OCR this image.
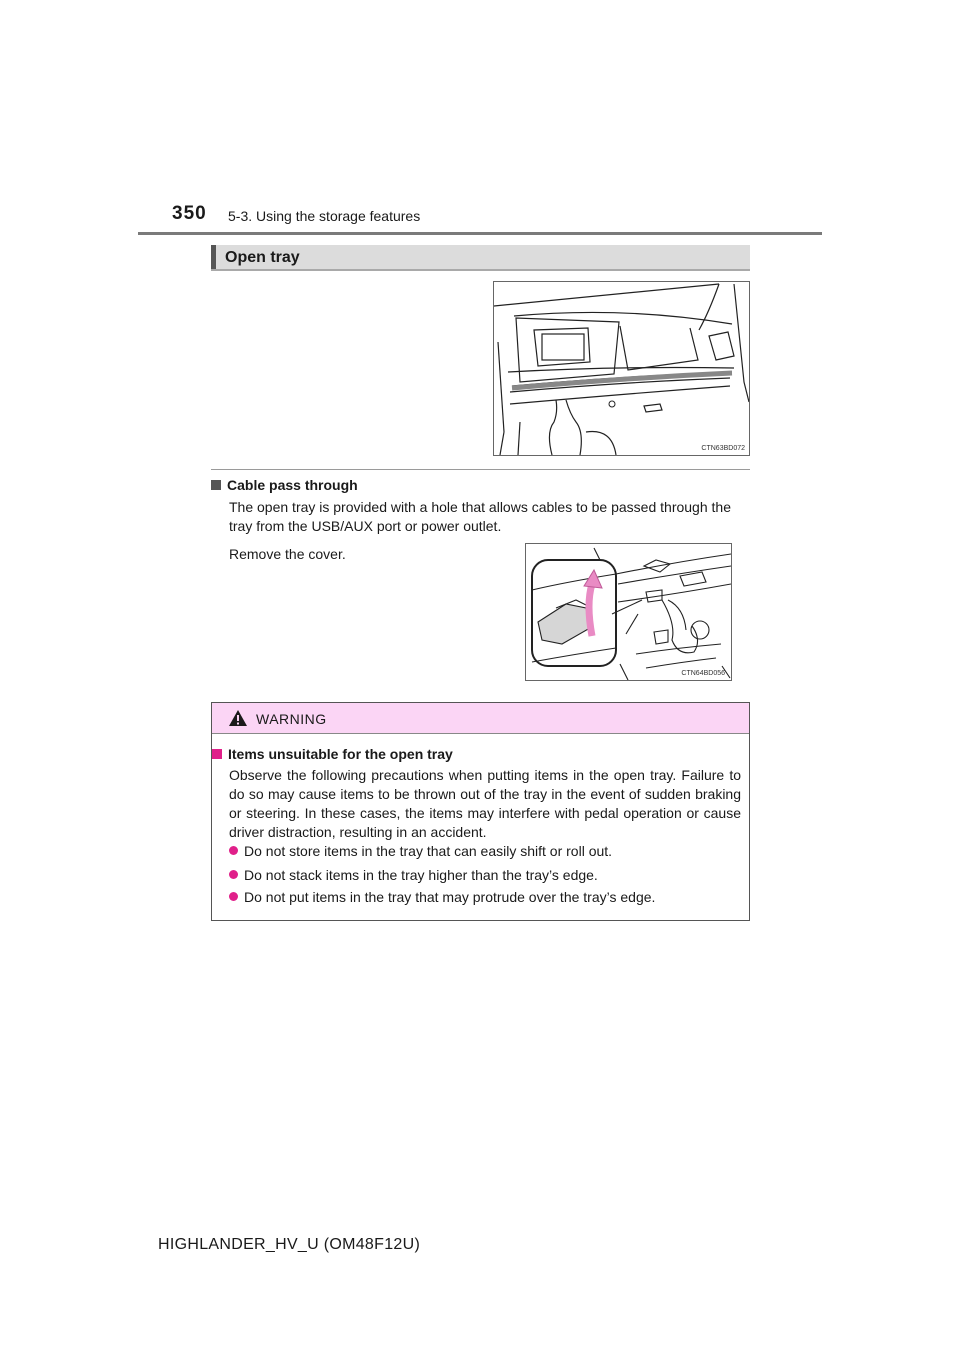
350 5-3. Using the storage features
Open tray
CTN63BD072
Cable pass through
The open tray is provided with a hole that allows cables to be passed through the tray from the USB/AUX port or power outlet.
Remove the cover.
CTN64BD056
WARNING
Items unsuitable for the open tray
Observe the following precautions when putting items in the open tray. Failure to do so may cause items to be thrown out of the tray in the event of sudden braking or steering. In these cases, the items may interfere with pedal operation or cause driver distraction, resulting in an accident.
Do not store items in the tray that can easily shift or roll out.
Do not stack items in the tray higher than the tray’s edge.
Do not put items in the tray that may protrude over the tray’s edge.
HIGHLANDER_HV_U (OM48F12U)
